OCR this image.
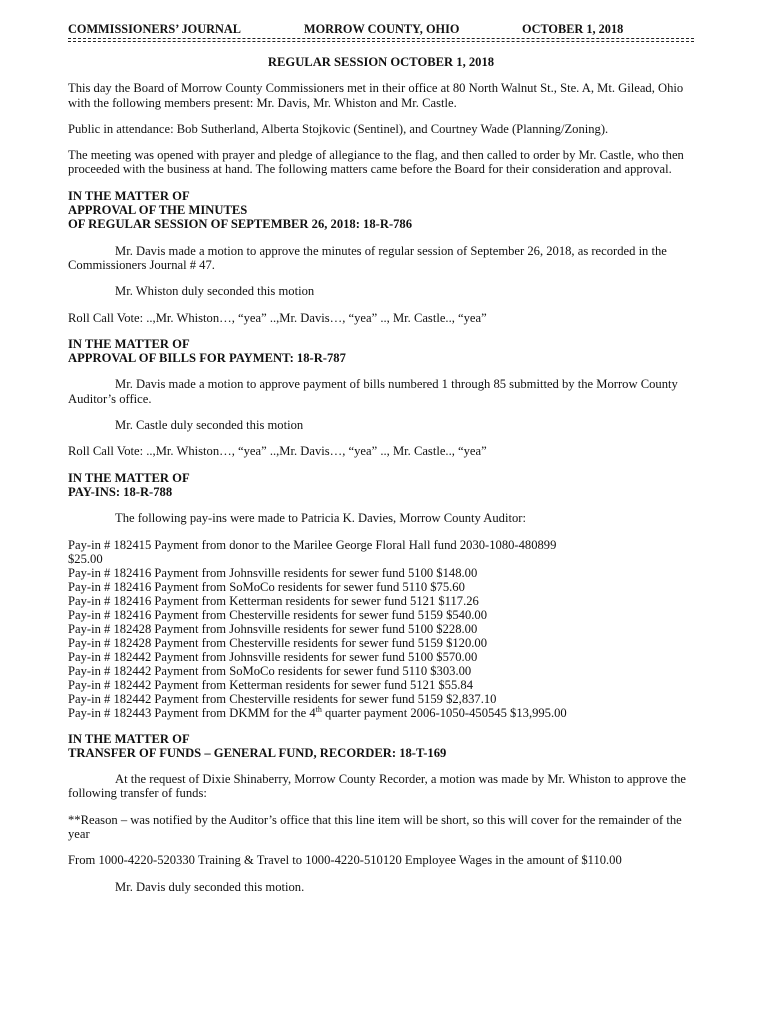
COMMISSIONERS’ JOURNAL	MORROW COUNTY, OHIO	OCTOBER 1, 2018
REGULAR SESSION OCTOBER 1, 2018

This day the Board of Morrow County Commissioners met in their office at 80 North Walnut St., Ste. A, Mt. Gilead, Ohio with the following members present: Mr. Davis, Mr. Whiston and Mr. Castle.

Public in attendance: Bob Sutherland, Alberta Stojkovic (Sentinel), and Courtney Wade (Planning/Zoning).

The meeting was opened with prayer and pledge of allegiance to the flag, and then called to order by Mr. Castle, who then proceeded with the business at hand. The following matters came before the Board for their consideration and approval.

IN THE MATTER OF
APPROVAL OF THE MINUTES
OF REGULAR SESSION OF SEPTEMBER 26, 2018: 18-R-786

Mr. Davis made a motion to approve the minutes of regular session of September 26, 2018, as recorded in the Commissioners Journal # 47.

Mr. Whiston duly seconded this motion

Roll Call Vote: ..,Mr. Whiston…, “yea” ..,Mr. Davis…, “yea” .., Mr. Castle.., “yea”

IN THE MATTER OF
APPROVAL OF BILLS FOR PAYMENT: 18-R-787

Mr. Davis made a motion to approve payment of bills numbered 1 through 85 submitted by the Morrow County Auditor’s office.

Mr. Castle duly seconded this motion

Roll Call Vote: ..,Mr. Whiston…, “yea” ..,Mr. Davis…, “yea” .., Mr. Castle.., “yea”

IN THE MATTER OF
PAY-INS: 18-R-788

The following pay-ins were made to Patricia K. Davies, Morrow County Auditor:

Pay-in # 182415 Payment from donor to the Marilee George Floral Hall fund 2030-1080-480899
$25.00
Pay-in # 182416 Payment from Johnsville residents for sewer fund 5100 $148.00
Pay-in # 182416 Payment from SoMoCo residents for sewer fund 5110 $75.60
Pay-in # 182416 Payment from Ketterman residents for sewer fund 5121 $117.26
Pay-in # 182416 Payment from Chesterville residents for sewer fund 5159 $540.00
Pay-in # 182428 Payment from Johnsville residents for sewer fund 5100 $228.00
Pay-in # 182428 Payment from Chesterville residents for sewer fund 5159 $120.00
Pay-in # 182442 Payment from Johnsville residents for sewer fund 5100 $570.00
Pay-in # 182442 Payment from SoMoCo residents for sewer fund 5110 $303.00
Pay-in # 182442 Payment from Ketterman residents for sewer fund 5121 $55.84
Pay-in # 182442 Payment from Chesterville residents for sewer fund 5159 $2,837.10
Pay-in # 182443 Payment from DKMM for the 4th quarter payment 2006-1050-450545 $13,995.00
IN THE MATTER OF
TRANSFER OF FUNDS – GENERAL FUND, RECORDER: 18-T-169

At the request of Dixie Shinaberry, Morrow County Recorder, a motion was made by Mr. Whiston to approve the following transfer of funds:

**Reason – was notified by the Auditor’s office that this line item will be short, so this will cover for the remainder of the year

From 1000-4220-520330 Training & Travel to 1000-4220-510120 Employee Wages in the amount of $110.00

Mr. Davis duly seconded this motion.
